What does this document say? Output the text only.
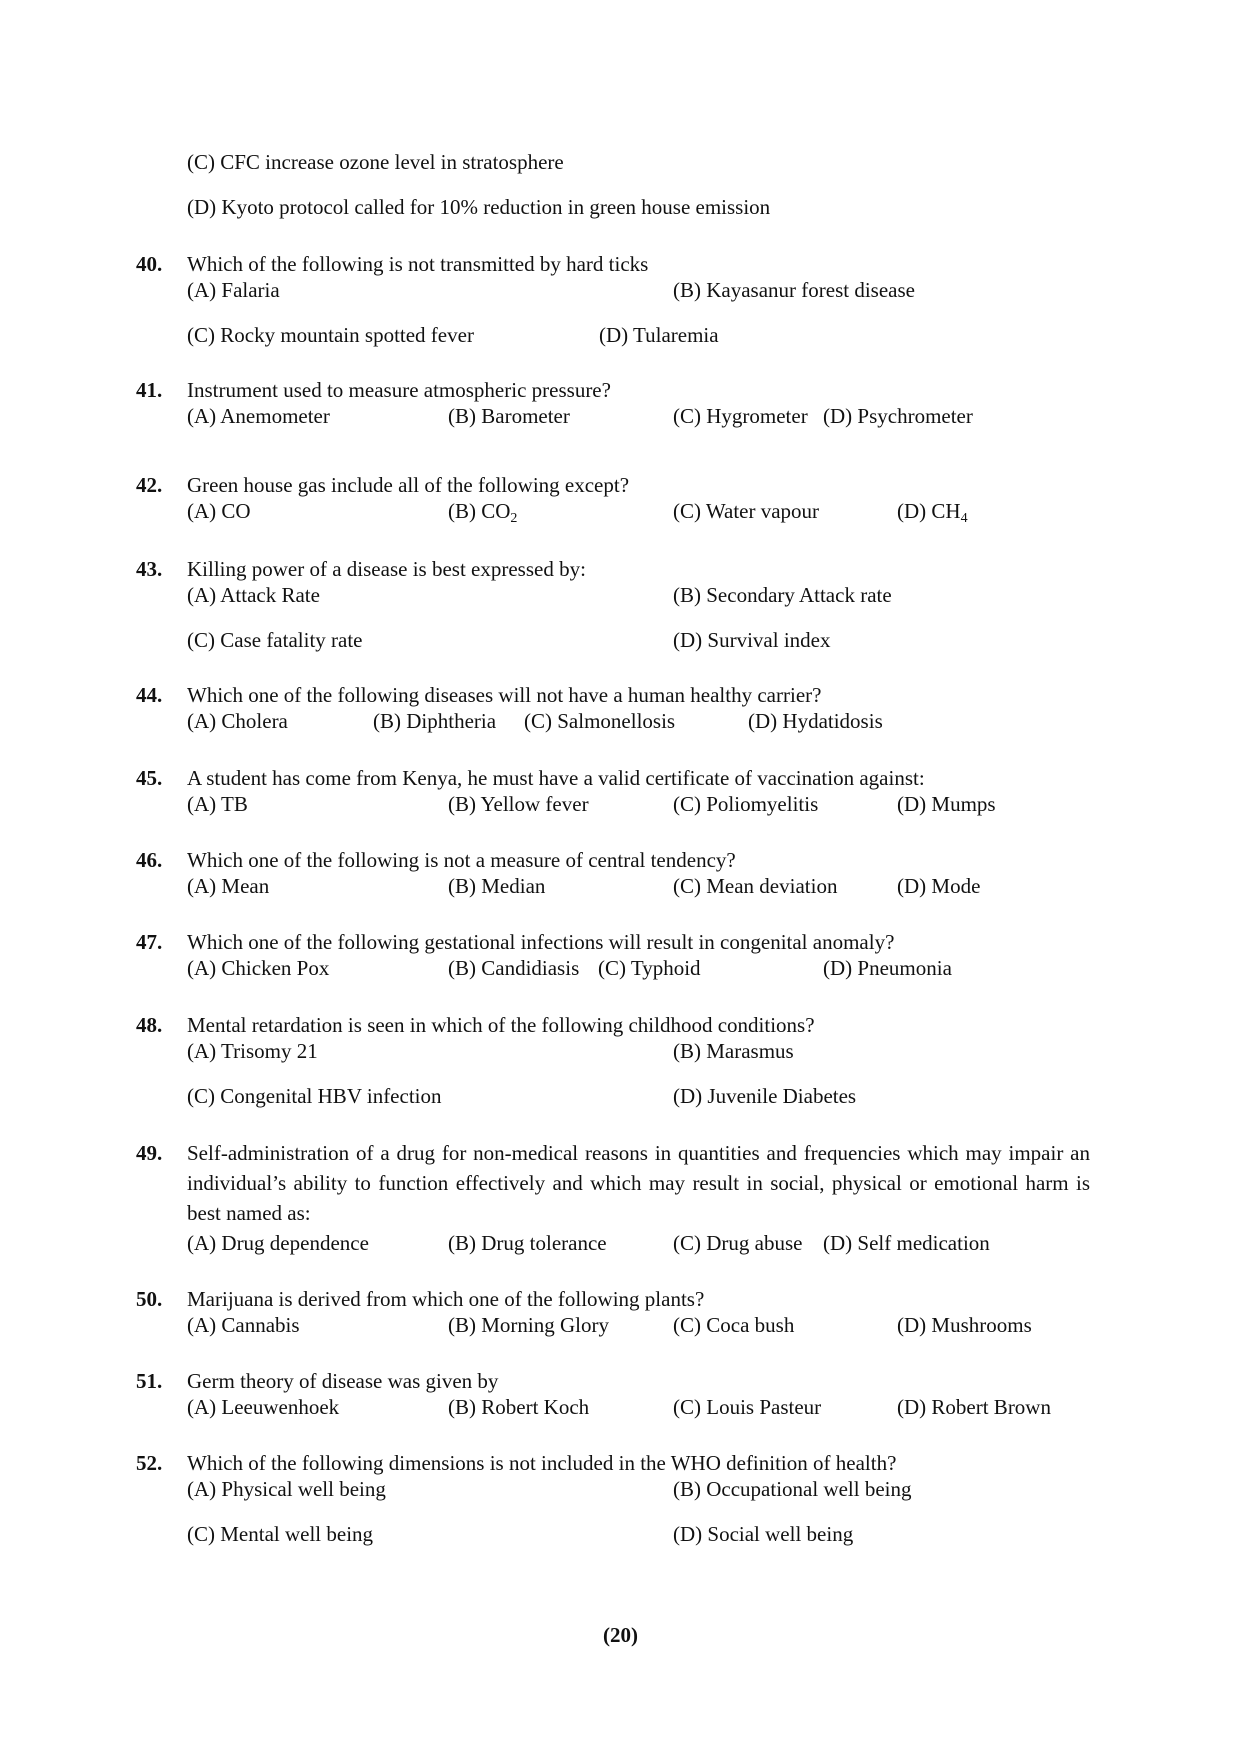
(C) CFC increase ozone level in stratosphere
(D) Kyoto protocol called for 10% reduction in green house emission
40.	Which of the following is not transmitted by hard ticks
(A) Falaria	(B) Kayasanur forest disease
(C) Rocky mountain spotted fever	(D) Tularemia
41.	Instrument used to measure atmospheric pressure?
(A) Anemometer	(B) Barometer	(C) Hygrometer (D) Psychrometer
42.	Green house gas include all of the following except?
(A) CO	(B) $CO_2$	(C) Water vapour	(D) $CH_4$
43.	Killing power of a disease is best expressed by:
(A) Attack Rate	(B) Secondary Attack rate
(C) Case fatality rate	(D) Survival index
44.	Which one of the following diseases will not have a human healthy carrier?
(A) Cholera	(B) Diphtheria (C) Salmonellosis	(D) Hydatidosis
45.	A student has come from Kenya, he must have a valid certificate of vaccination against:
(A) TB	(B) Yellow fever	(C) Poliomyelitis	(D) Mumps
46.	Which one of the following is not a measure of central tendency?
(A) Mean	(B) Median	(C) Mean deviation	(D) Mode
47.	Which one of the following gestational infections will result in congenital anomaly?
(A) Chicken Pox	(B) Candidiasis (C) Typhoid	(D) Pneumonia
48.	Mental retardation is seen in which of the following childhood conditions?
(A) Trisomy 21	(B) Marasmus
(C) Congenital HBV infection	(D) Juvenile Diabetes
49.	Self-administration of a drug for non-medical reasons in quantities and frequencies which may impair an individual’s ability to function effectively and which may result in social, physical or emotional harm is best named as:
(A) Drug dependence	(B) Drug tolerance	(C) Drug abuse (D) Self medication
50.	Marijuana is derived from which one of the following plants?
(A) Cannabis	(B) Morning Glory	(C) Coca bush	(D) Mushrooms
51.	Germ theory of disease was given by
(A) Leeuwenhoek	(B) Robert Koch	(C) Louis Pasteur	(D) Robert Brown
52.	Which of the following dimensions is not included in the WHO definition of health?
(A) Physical well being	(B) Occupational well being
(C) Mental well being	(D) Social well being
(20)
